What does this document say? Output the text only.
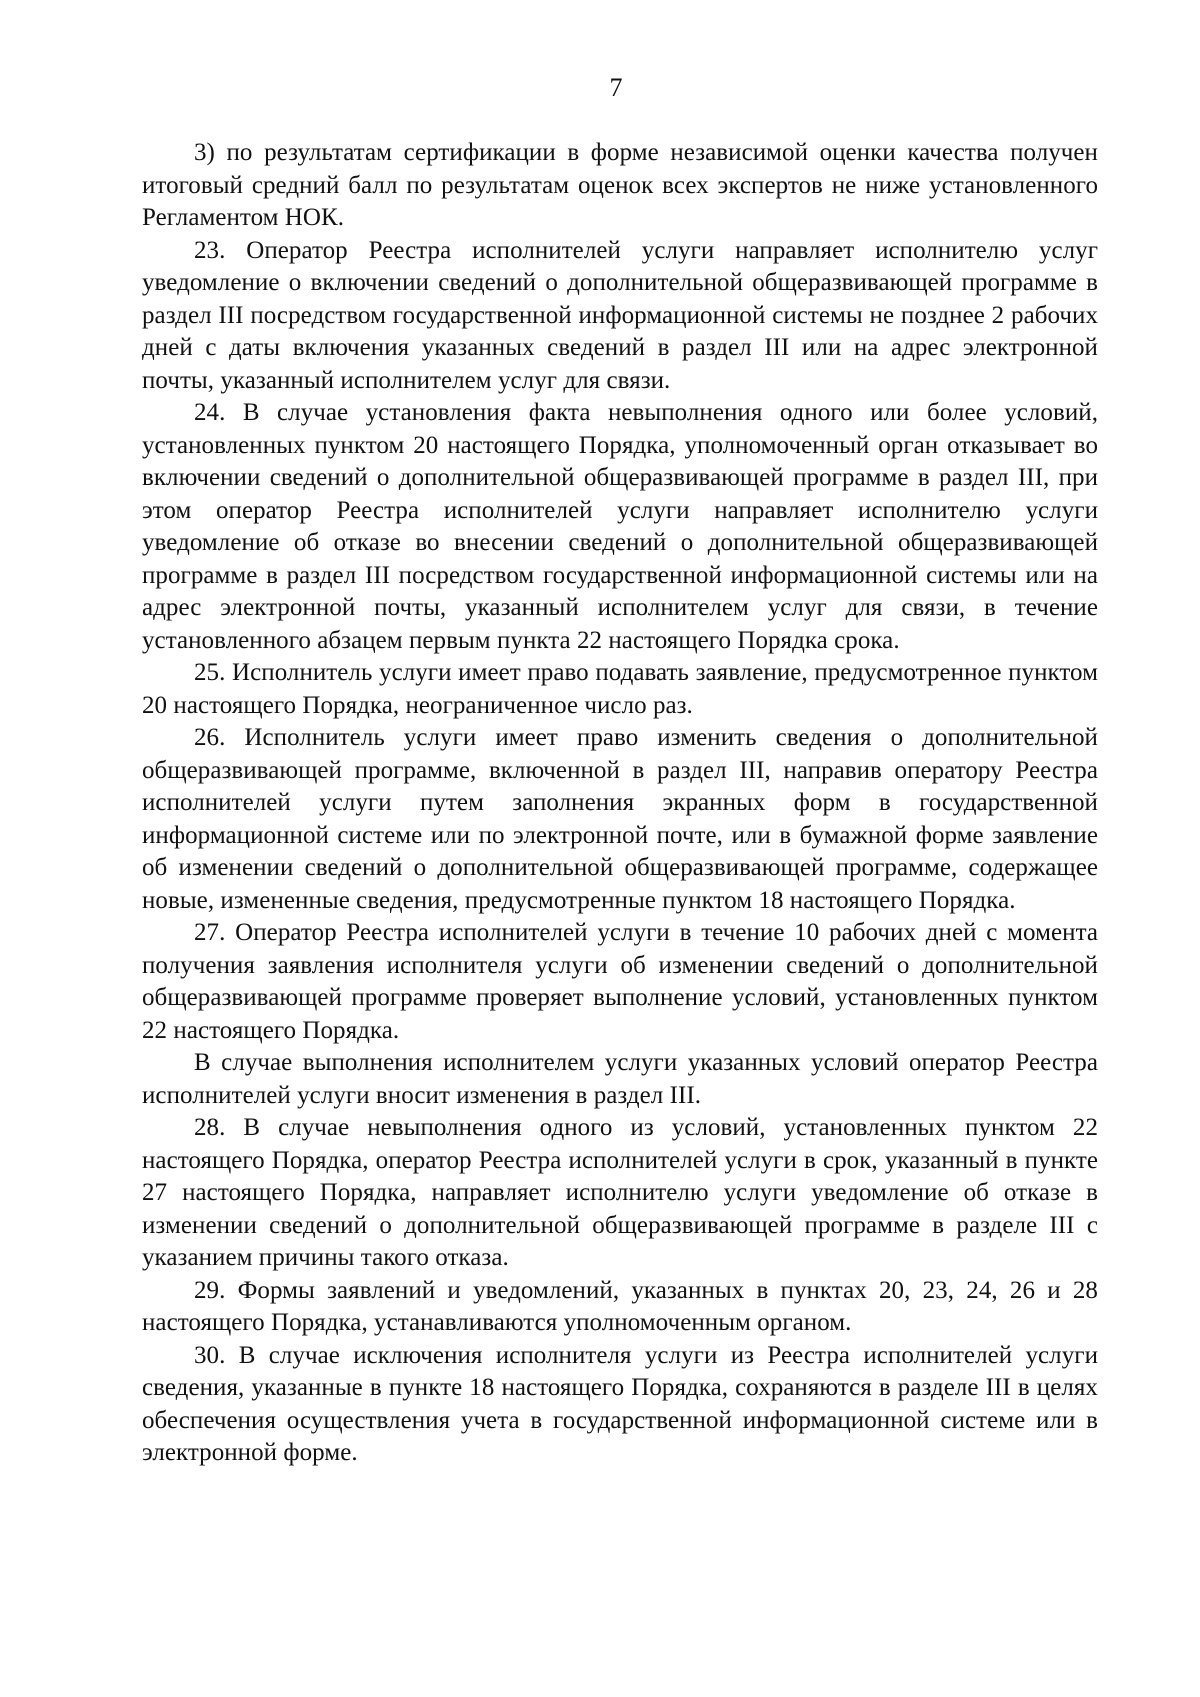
7

3) по результатам сертификации в форме независимой оценки качества получен итоговый средний балл по результатам оценок всех экспертов не ниже установленного Регламентом НОК.

23. Оператор Реестра исполнителей услуги направляет исполнителю услуг уведомление о включении сведений о дополнительной общеразвивающей программе в раздел III посредством государственной информационной системы не позднее 2 рабочих дней с даты включения указанных сведений в раздел III или на адрес электронной почты, указанный исполнителем услуг для связи.

24. В случае установления факта невыполнения одного или более условий, установленных пунктом 20 настоящего Порядка, уполномоченный орган отказывает во включении сведений о дополнительной общеразвивающей программе в раздел III, при этом оператор Реестра исполнителей услуги направляет исполнителю услуги уведомление об отказе во внесении сведений о дополнительной общеразвивающей программе в раздел III посредством государственной информационной системы или на адрес электронной почты, указанный исполнителем услуг для связи, в течение установленного абзацем первым пункта 22 настоящего Порядка срока.

25. Исполнитель услуги имеет право подавать заявление, предусмотренное пунктом 20 настоящего Порядка, неограниченное число раз.

26. Исполнитель услуги имеет право изменить сведения о дополнительной общеразвивающей программе, включенной в раздел III, направив оператору Реестра исполнителей услуги путем заполнения экранных форм в государственной информационной системе или по электронной почте, или в бумажной форме заявление об изменении сведений о дополнительной общеразвивающей программе, содержащее новые, измененные сведения, предусмотренные пунктом 18 настоящего Порядка.

27. Оператор Реестра исполнителей услуги в течение 10 рабочих дней с момента получения заявления исполнителя услуги об изменении сведений о дополнительной общеразвивающей программе проверяет выполнение условий, установленных пунктом 22 настоящего Порядка.

В случае выполнения исполнителем услуги указанных условий оператор Реестра исполнителей услуги вносит изменения в раздел III.

28. В случае невыполнения одного из условий, установленных пунктом 22 настоящего Порядка, оператор Реестра исполнителей услуги в срок, указанный в пункте 27 настоящего Порядка, направляет исполнителю услуги уведомление об отказе в изменении сведений о дополнительной общеразвивающей программе в разделе III с указанием причины такого отказа.

29. Формы заявлений и уведомлений, указанных в пунктах 20, 23, 24, 26 и 28 настоящего Порядка, устанавливаются уполномоченным органом.

30. В случае исключения исполнителя услуги из Реестра исполнителей услуги сведения, указанные в пункте 18 настоящего Порядка, сохраняются в разделе III в целях обеспечения осуществления учета в государственной информационной системе или в электронной форме.
